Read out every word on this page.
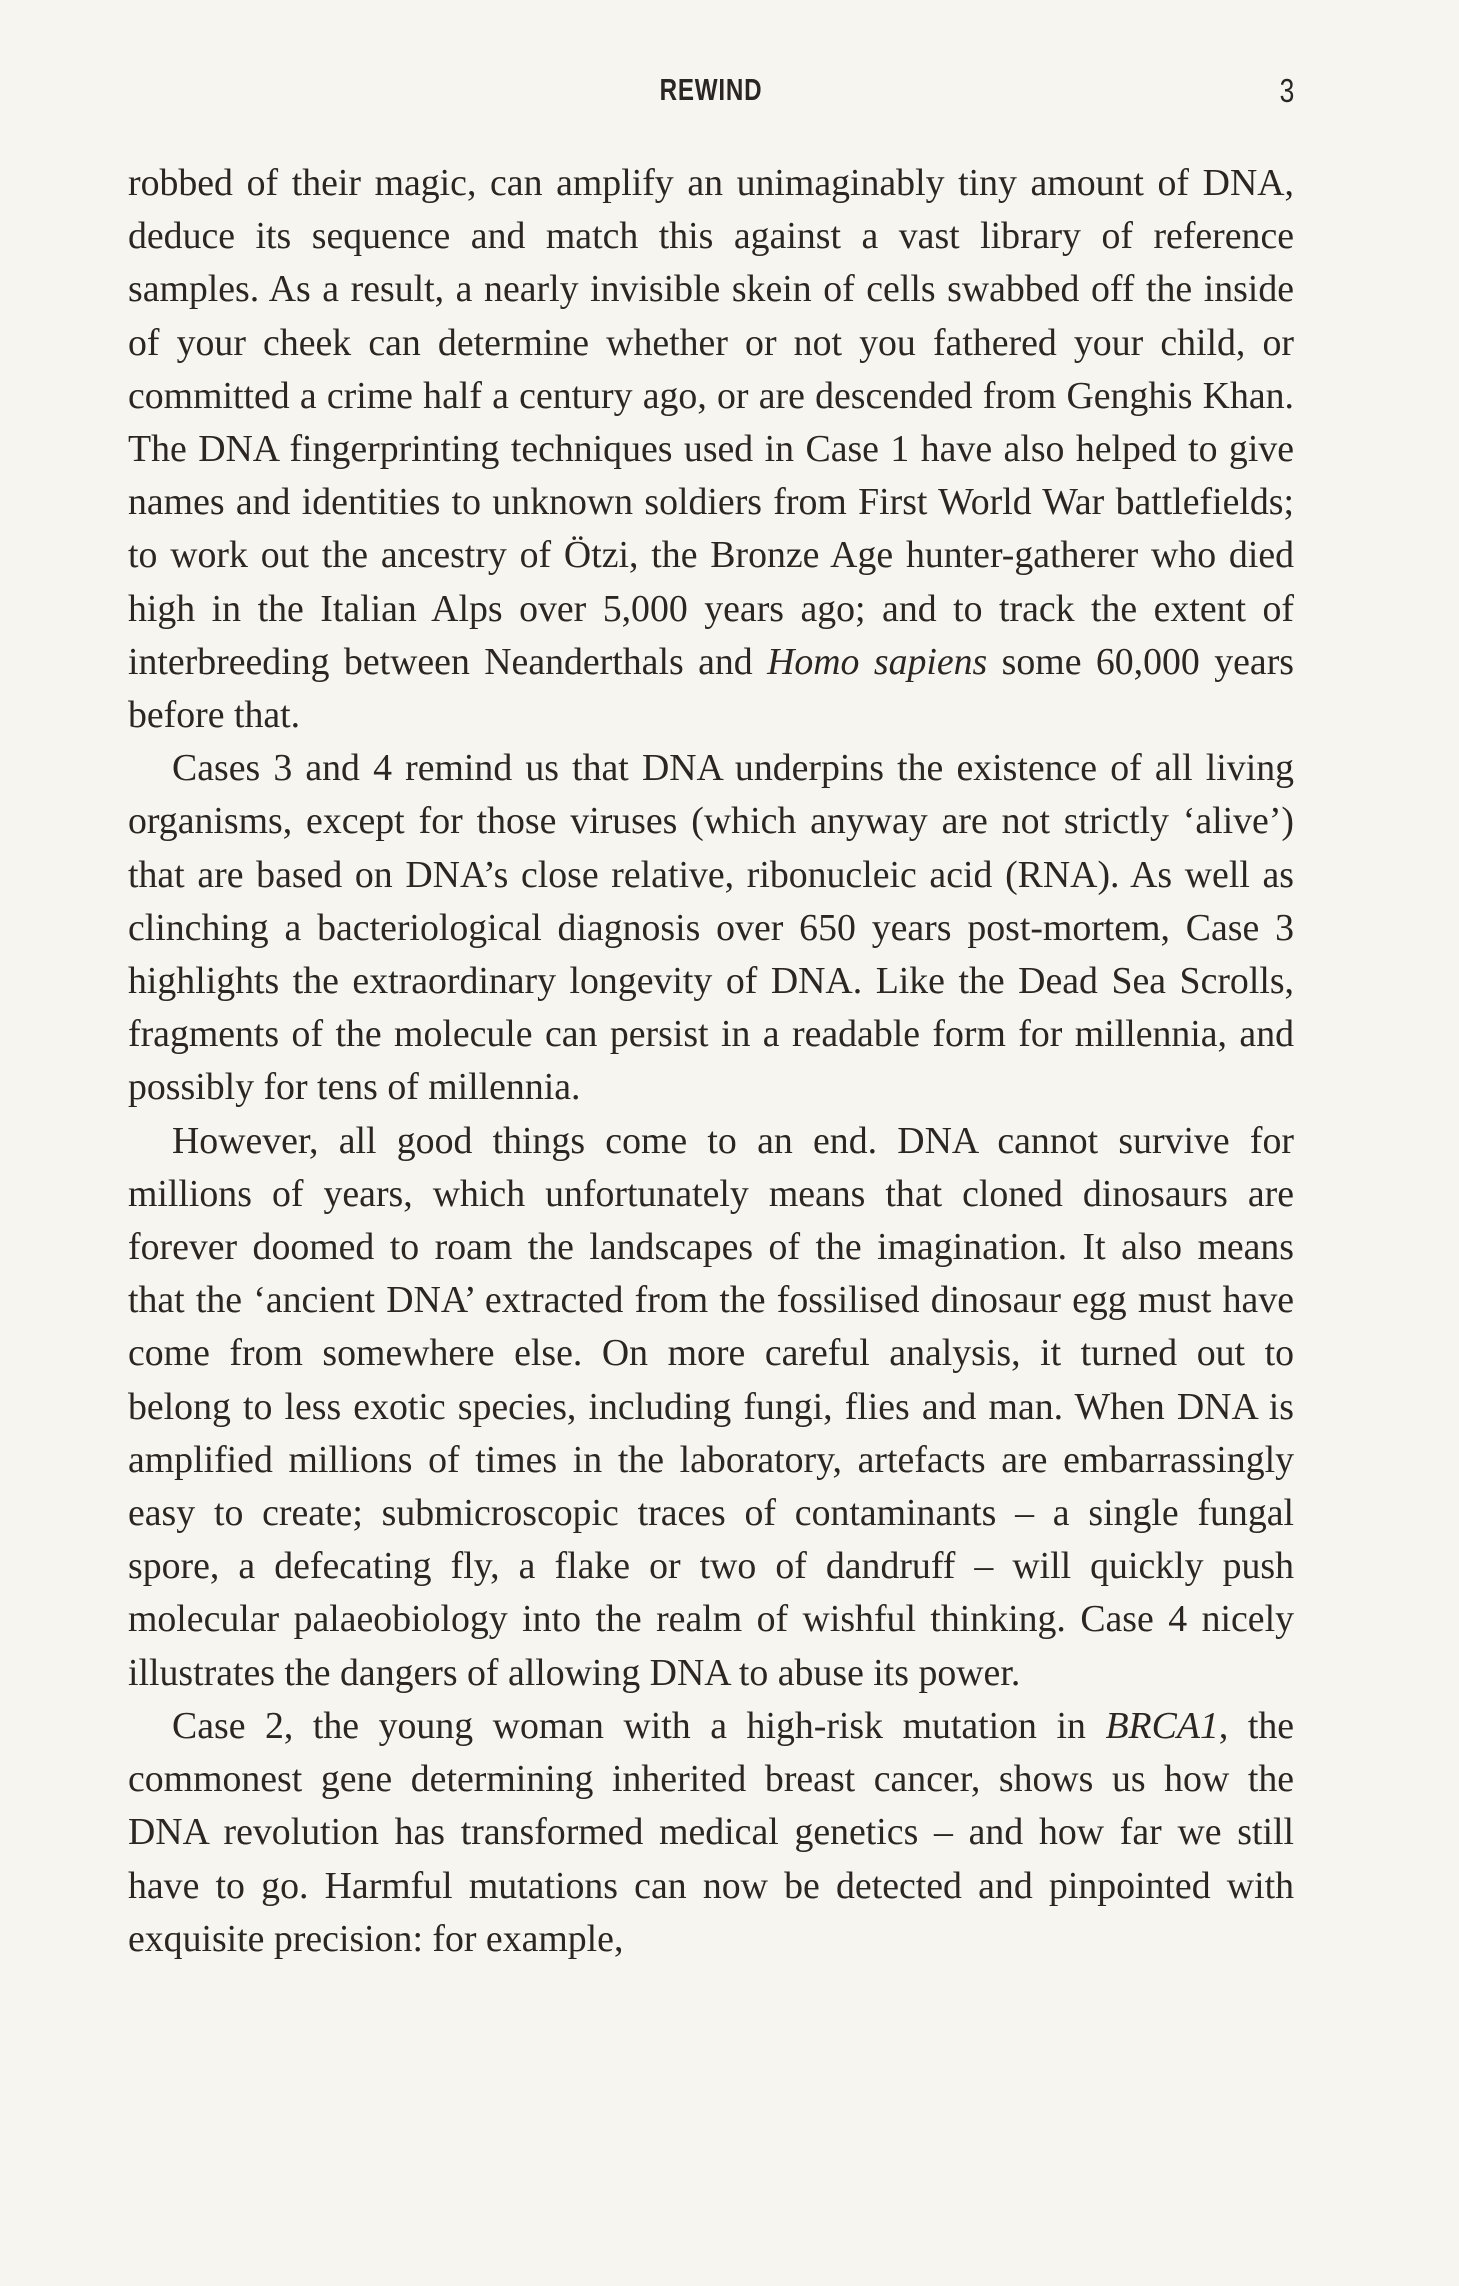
REWIND	3

robbed of their magic, can amplify an unimaginably tiny amount of DNA, deduce its sequence and match this against a vast library of reference samples. As a result, a nearly invisible skein of cells swabbed off the inside of your cheek can determine whether or not you fathered your child, or committed a crime half a century ago, or are descended from Genghis Khan. The DNA fingerprinting techniques used in Case 1 have also helped to give names and identities to unknown soldiers from First World War battlefields; to work out the ancestry of Ötzi, the Bronze Age hunter-gatherer who died high in the Italian Alps over 5,000 years ago; and to track the extent of interbreeding between Neanderthals and Homo sapiens some 60,000 years before that.

Cases 3 and 4 remind us that DNA underpins the existence of all living organisms, except for those viruses (which anyway are not strictly ‘alive’) that are based on DNA’s close relative, ribonucleic acid (RNA). As well as clinching a bacteriological diagnosis over 650 years post-mortem, Case 3 highlights the extraordinary longevity of DNA. Like the Dead Sea Scrolls, fragments of the molecule can persist in a readable form for millennia, and possibly for tens of millennia.

However, all good things come to an end. DNA cannot survive for millions of years, which unfortunately means that cloned dinosaurs are forever doomed to roam the landscapes of the imagination. It also means that the ‘ancient DNA’ extracted from the fossilised dinosaur egg must have come from somewhere else. On more careful analysis, it turned out to belong to less exotic species, including fungi, flies and man. When DNA is amplified millions of times in the laboratory, artefacts are embarrassingly easy to create; submicroscopic traces of contaminants – a single fungal spore, a defecating fly, a flake or two of dandruff – will quickly push molecular palaeobiology into the realm of wishful thinking. Case 4 nicely illustrates the dangers of allowing DNA to abuse its power.

Case 2, the young woman with a high-risk mutation in BRCA1, the commonest gene determining inherited breast cancer, shows us how the DNA revolution has transformed medical genetics – and how far we still have to go. Harmful mutations can now be detected and pinpointed with exquisite precision: for example,
